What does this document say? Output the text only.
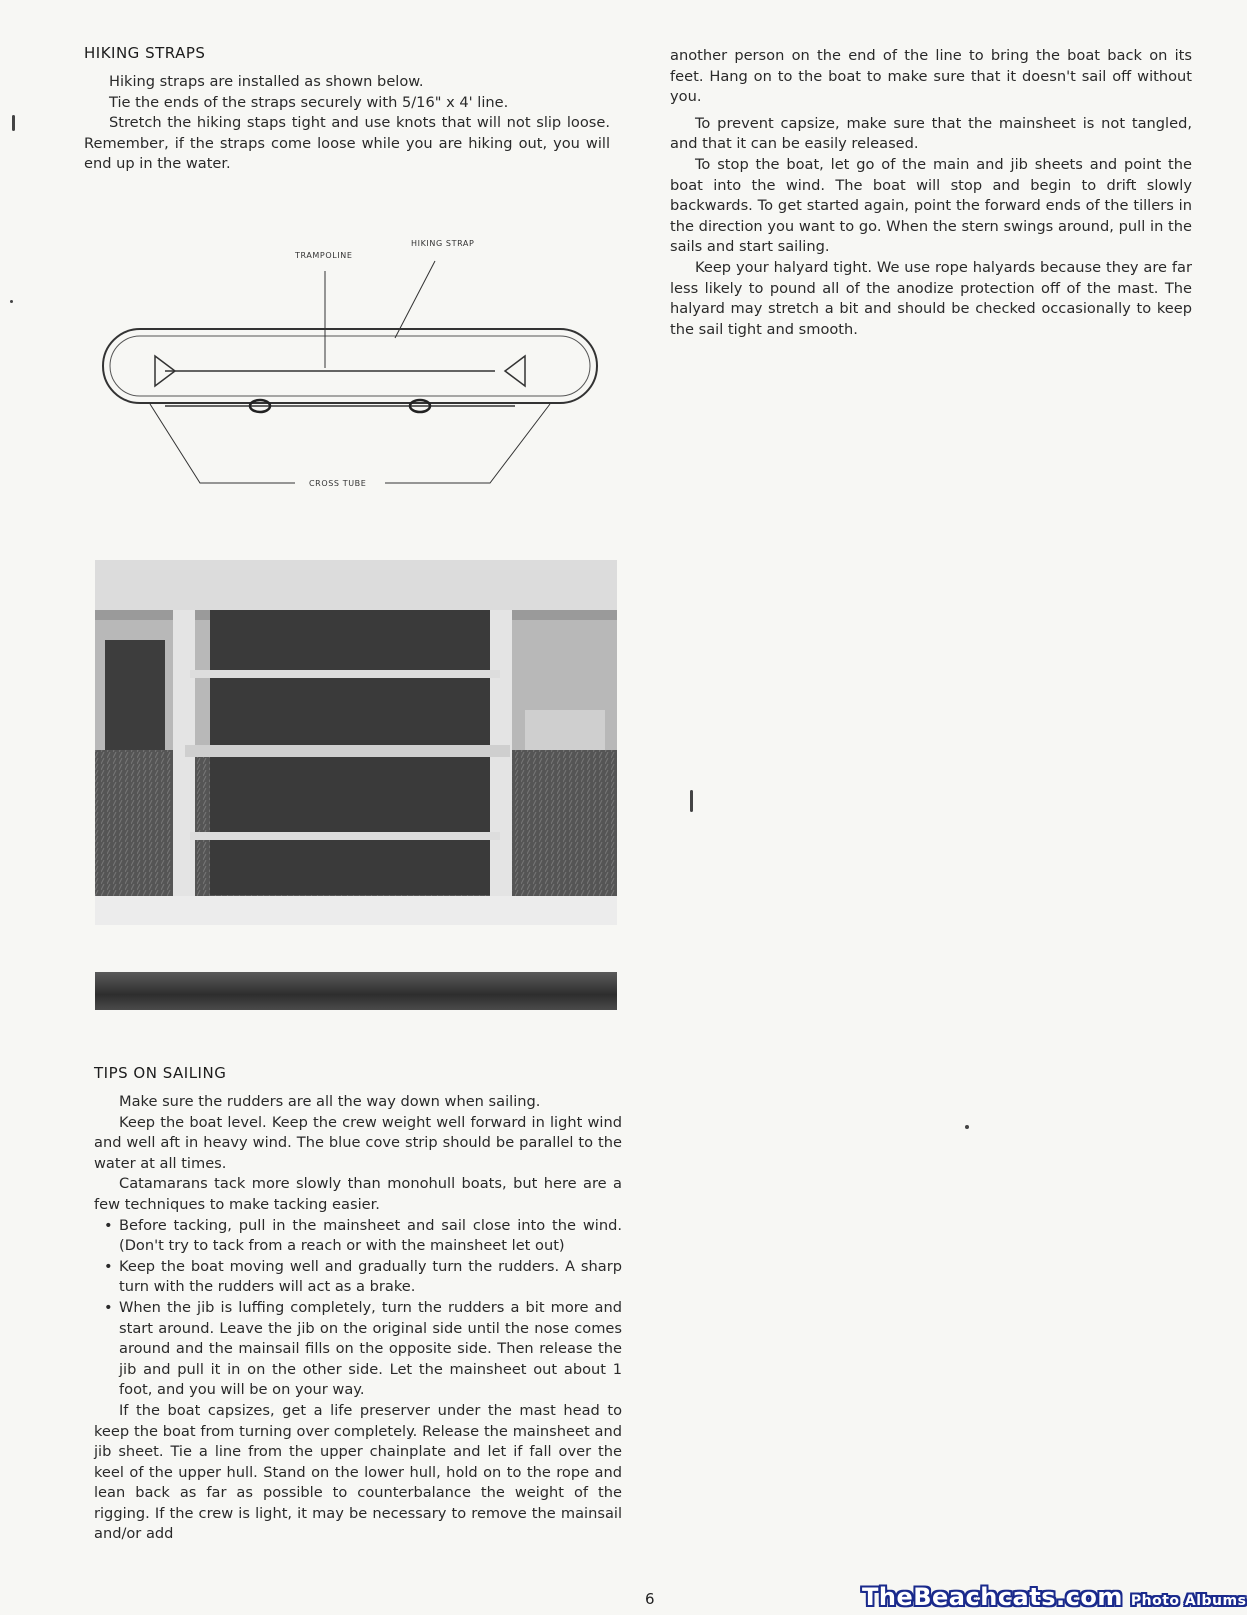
HIKING STRAPS

Hiking straps are installed as shown below.

Tie the ends of the straps securely with 5/16" x 4' line.

Stretch the hiking staps tight and use knots that will not slip loose. Remember, if the straps come loose while you are hiking out, you will end up in the water.

TRAMPOLINE
HIKING STRAP
CROSS TUBE

another person on the end of the line to bring the boat back on its feet. Hang on to the boat to make sure that it doesn't sail off without you.

To prevent capsize, make sure that the mainsheet is not tangled, and that it can be easily released.

To stop the boat, let go of the main and jib sheets and point the boat into the wind. The boat will stop and begin to drift slowly backwards. To get started again, point the forward ends of the tillers in the direction you want to go. When the stern swings around, pull in the sails and start sailing.

Keep your halyard tight. We use rope halyards because they are far less likely to pound all of the anodize protection off of the mast. The halyard may stretch a bit and should be checked occasionally to keep the sail tight and smooth.

TIPS ON SAILING

Make sure the rudders are all the way down when sailing.

Keep the boat level. Keep the crew weight well forward in light wind and well aft in heavy wind. The blue cove strip should be parallel to the water at all times.

Catamarans tack more slowly than monohull boats, but here are a few techniques to make tacking easier.

• Before tacking, pull in the mainsheet and sail close into the wind. (Don't try to tack from a reach or with the mainsheet let out)
• Keep the boat moving well and gradually turn the rudders. A sharp turn with the rudders will act as a brake.
• When the jib is luffing completely, turn the rudders a bit more and start around. Leave the jib on the original side until the nose comes around and the mainsail fills on the opposite side. Then release the jib and pull it in on the other side. Let the mainsheet out about 1 foot, and you will be on your way.

If the boat capsizes, get a life preserver under the mast head to keep the boat from turning over completely. Release the mainsheet and jib sheet. Tie a line from the upper chainplate and let if fall over the keel of the upper hull. Stand on the lower hull, hold on to the rope and lean back as far as possible to counterbalance the weight of the rigging. If the crew is light, it may be necessary to remove the mainsail and/or add

6	TheBeachcats.com Photo Albums
